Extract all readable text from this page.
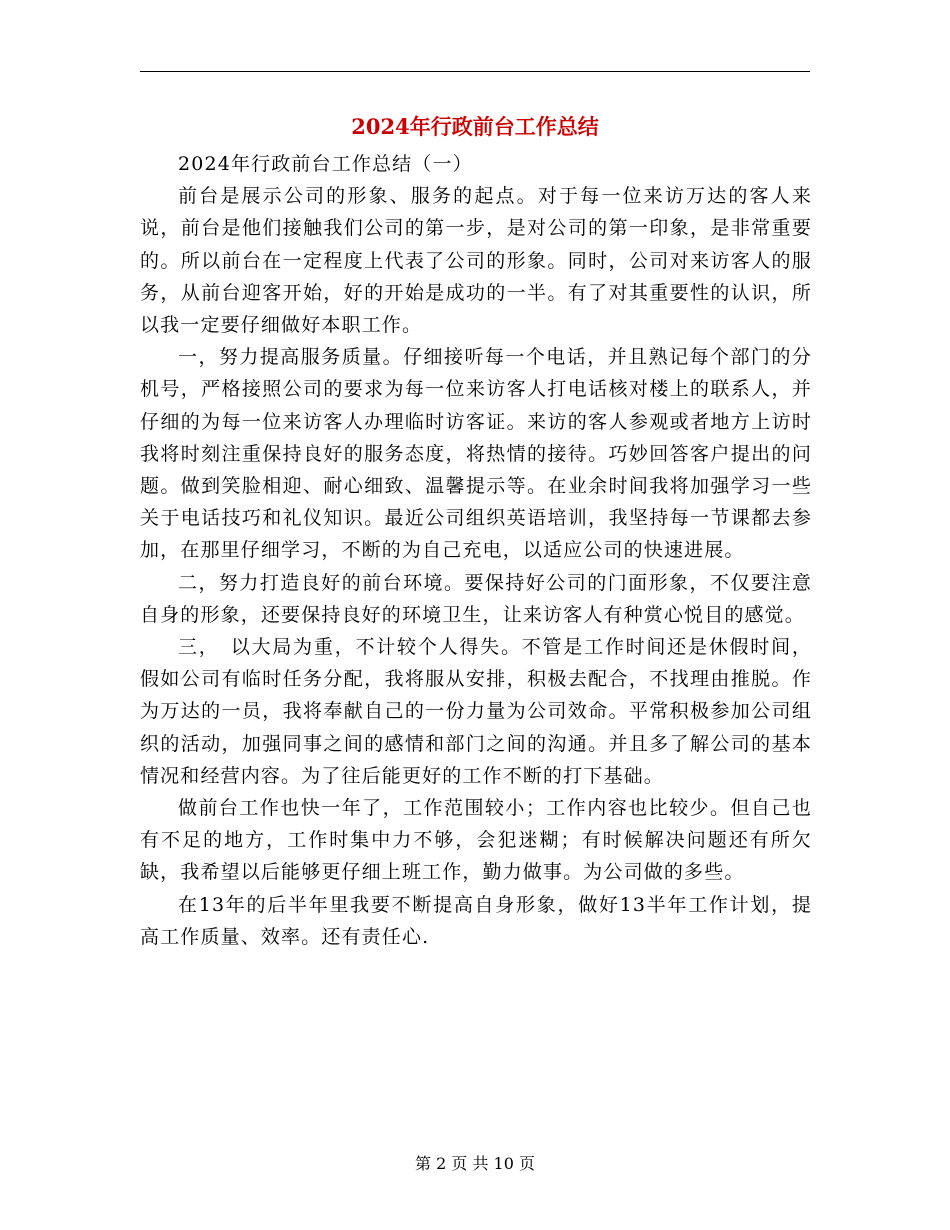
2024年行政前台工作总结

2024年行政前台工作总结（一）

前台是展示公司的形象、服务的起点。对于每一位来访万达的客人来说，前台是他们接触我们公司的第一步，是对公司的第一印象，是非常重要的。所以前台在一定程度上代表了公司的形象。同时，公司对来访客人的服务，从前台迎客开始，好的开始是成功的一半。有了对其重要性的认识，所以我一定要仔细做好本职工作。

一，努力提高服务质量。仔细接听每一个电话，并且熟记每个部门的分机号，严格接照公司的要求为每一位来访客人打电话核对楼上的联系人，并仔细的为每一位来访客人办理临时访客证。来访的客人参观或者地方上访时我将时刻注重保持良好的服务态度，将热情的接待。巧妙回答客户提出的问题。做到笑脸相迎、耐心细致、温馨提示等。在业余时间我将加强学习一些关于电话技巧和礼仪知识。最近公司组织英语培训，我坚持每一节课都去参加，在那里仔细学习，不断的为自己充电，以适应公司的快速进展。

二，努力打造良好的前台环境。要保持好公司的门面形象，不仅要注意自身的形象，还要保持良好的环境卫生，让来访客人有种赏心悦目的感觉。

三，　以大局为重，不计较个人得失。不管是工作时间还是休假时间，假如公司有临时任务分配，我将服从安排，积极去配合，不找理由推脱。作为万达的一员，我将奉献自己的一份力量为公司效命。平常积极参加公司组织的活动，加强同事之间的感情和部门之间的沟通。并且多了解公司的基本情况和经营内容。为了往后能更好的工作不断的打下基础。

做前台工作也快一年了，工作范围较小；工作内容也比较少。但自己也有不足的地方，工作时集中力不够，会犯迷糊；有时候解决问题还有所欠缺，我希望以后能够更仔细上班工作，勤力做事。为公司做的多些。

在13年的后半年里我要不断提高自身形象，做好13半年工作计划，提高工作质量、效率。还有责任心.

第 2 页 共 10 页
